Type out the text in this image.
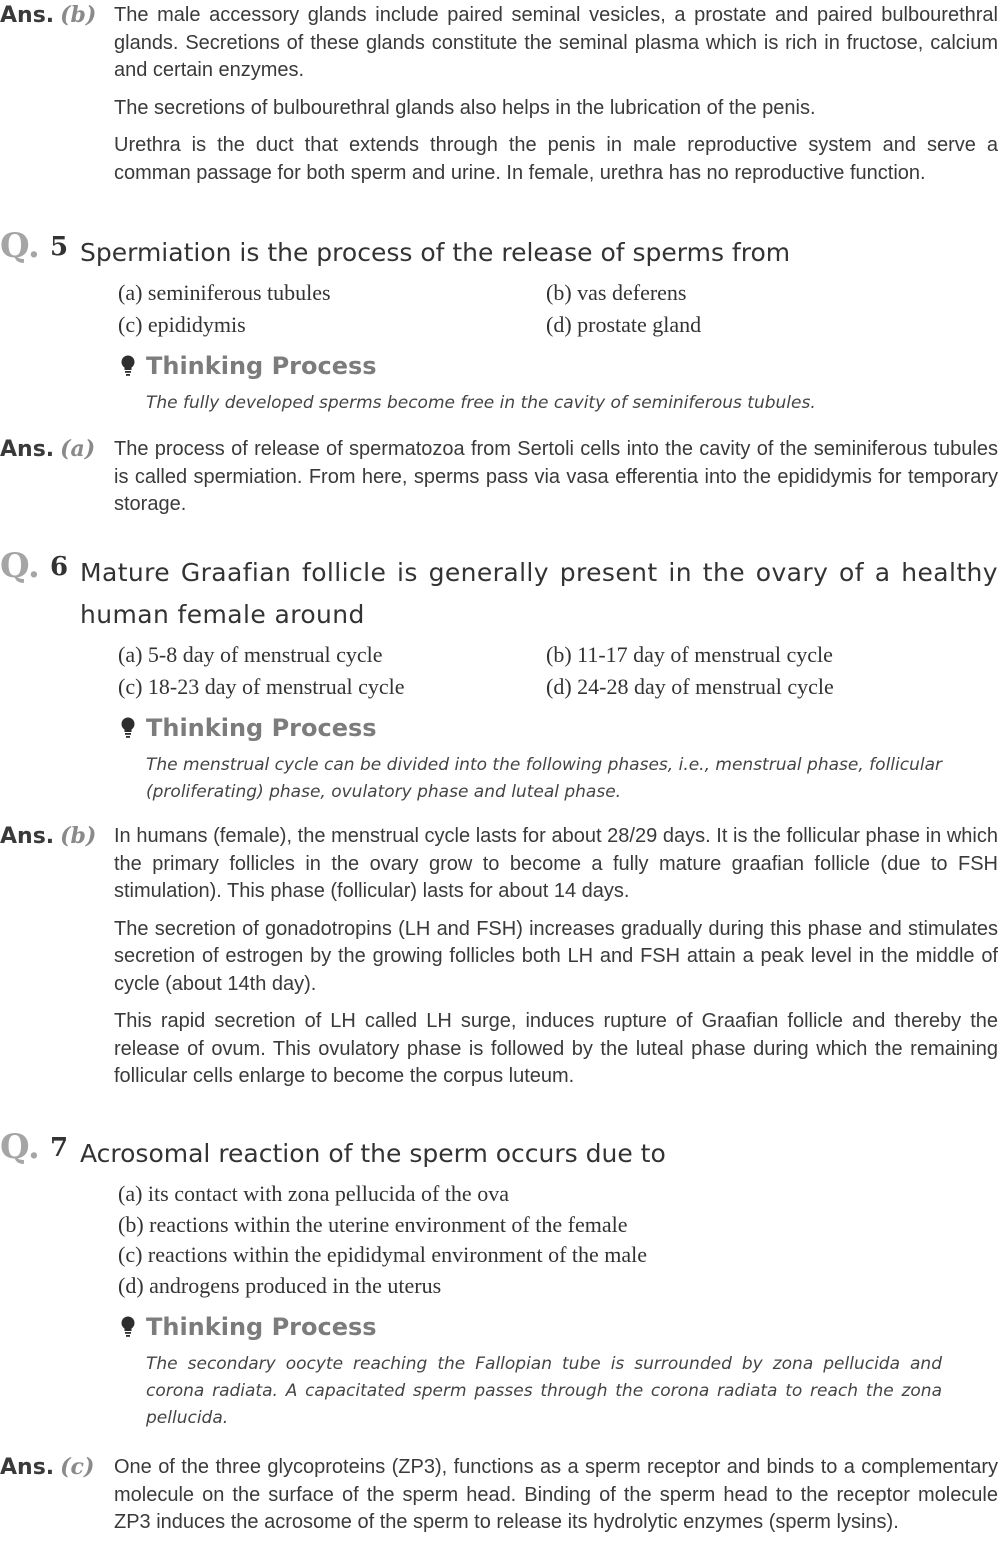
Ans. (b) The male accessory glands include paired seminal vesicles, a prostate and paired bulbourethral glands. Secretions of these glands constitute the seminal plasma which is rich in fructose, calcium and certain enzymes.

The secretions of bulbourethral glands also helps in the lubrication of the penis.

Urethra is the duct that extends through the penis in male reproductive system and serve a comman passage for both sperm and urine. In female, urethra has no reproductive function.

Q. 5 Spermiation is the process of the release of sperms from
(a) seminiferous tubules	(b) vas deferens
(c) epididymis	(d) prostate gland
Thinking Process
The fully developed sperms become free in the cavity of seminiferous tubules.
Ans. (a) The process of release of spermatozoa from Sertoli cells into the cavity of the seminiferous tubules is called spermiation. From here, sperms pass via vasa efferentia into the epididymis for temporary storage.

Q. 6 Mature Graafian follicle is generally present in the ovary of a healthy human female around
(a) 5-8 day of menstrual cycle	(b) 11-17 day of menstrual cycle
(c) 18-23 day of menstrual cycle	(d) 24-28 day of menstrual cycle
Thinking Process
The menstrual cycle can be divided into the following phases, i.e., menstrual phase, follicular (proliferating) phase, ovulatory phase and luteal phase.
Ans. (b) In humans (female), the menstrual cycle lasts for about 28/29 days. It is the follicular phase in which the primary follicles in the ovary grow to become a fully mature graafian follicle (due to FSH stimulation). This phase (follicular) lasts for about 14 days.

The secretion of gonadotropins (LH and FSH) increases gradually during this phase and stimulates secretion of estrogen by the growing follicles both LH and FSH attain a peak level in the middle of cycle (about 14th day).

This rapid secretion of LH called LH surge, induces rupture of Graafian follicle and thereby the release of ovum. This ovulatory phase is followed by the luteal phase during which the remaining follicular cells enlarge to become the corpus luteum.

Q. 7 Acrosomal reaction of the sperm occurs due to
(a) its contact with zona pellucida of the ova
(b) reactions within the uterine environment of the female
(c) reactions within the epididymal environment of the male
(d) androgens produced in the uterus
Thinking Process
The secondary oocyte reaching the Fallopian tube is surrounded by zona pellucida and corona radiata. A capacitated sperm passes through the corona radiata to reach the zona pellucida.
Ans. (c) One of the three glycoproteins (ZP3), functions as a sperm receptor and binds to a complementary molecule on the surface of the sperm head. Binding of the sperm head to the receptor molecule ZP3 induces the acrosome of the sperm to release its hydrolytic enzymes (sperm lysins).
